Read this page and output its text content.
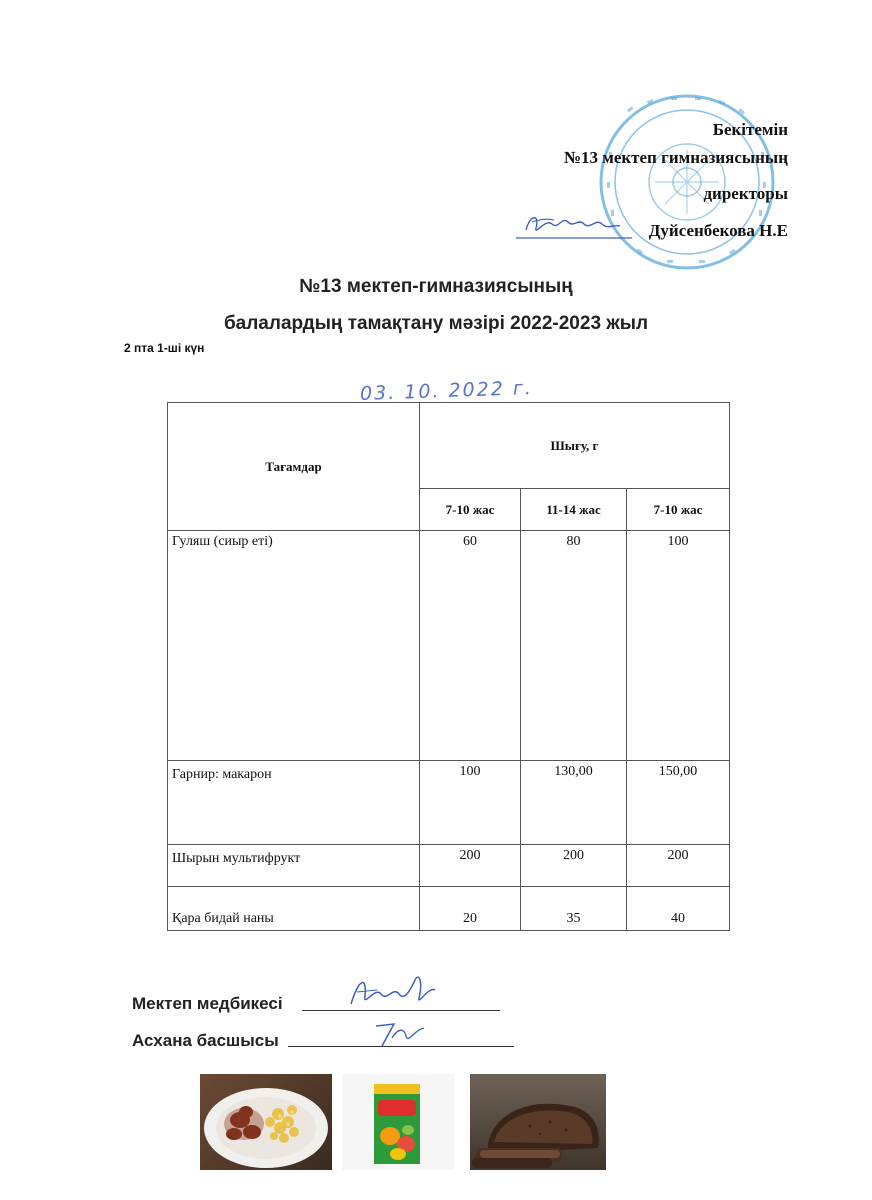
Бекітемін
№13 мектеп гимназиясының
директоры
Дуйсенбекова Н.Е
№13 мектеп-гимназиясының
балалардың тамақтану мәзірі 2022-2023 жыл
2 пта 1-ші күн
03. 10. 2022 г.
Тағамдар	Шығу, г		
	7-10 жас	11-14 жас	7-10 жас
Гуляш (сиыр еті)	60	80	100
Гарнир: макарон	100	130,00	150,00
Шырын мультифрукт	200	200	200
Қара бидай наны	20	35	40
Мектеп медбикесі
Асхана басшысы
